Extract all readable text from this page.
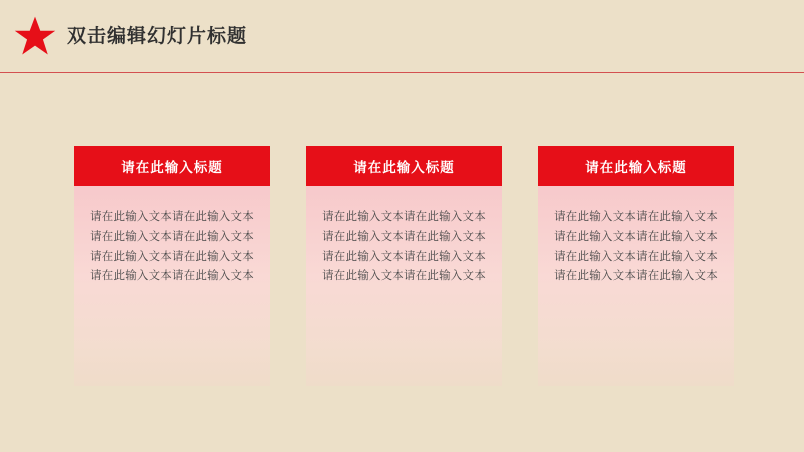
双击编辑幻灯片标题
请在此输入标题
请在此输入文本请在此输入文本请在此输入文本请在此输入文本请在此输入文本请在此输入文本请在此输入文本请在此输入文本
请在此输入标题
请在此输入文本请在此输入文本请在此输入文本请在此输入文本请在此输入文本请在此输入文本请在此输入文本请在此输入文本
请在此输入标题
请在此输入文本请在此输入文本请在此输入文本请在此输入文本请在此输入文本请在此输入文本请在此输入文本请在此输入文本
